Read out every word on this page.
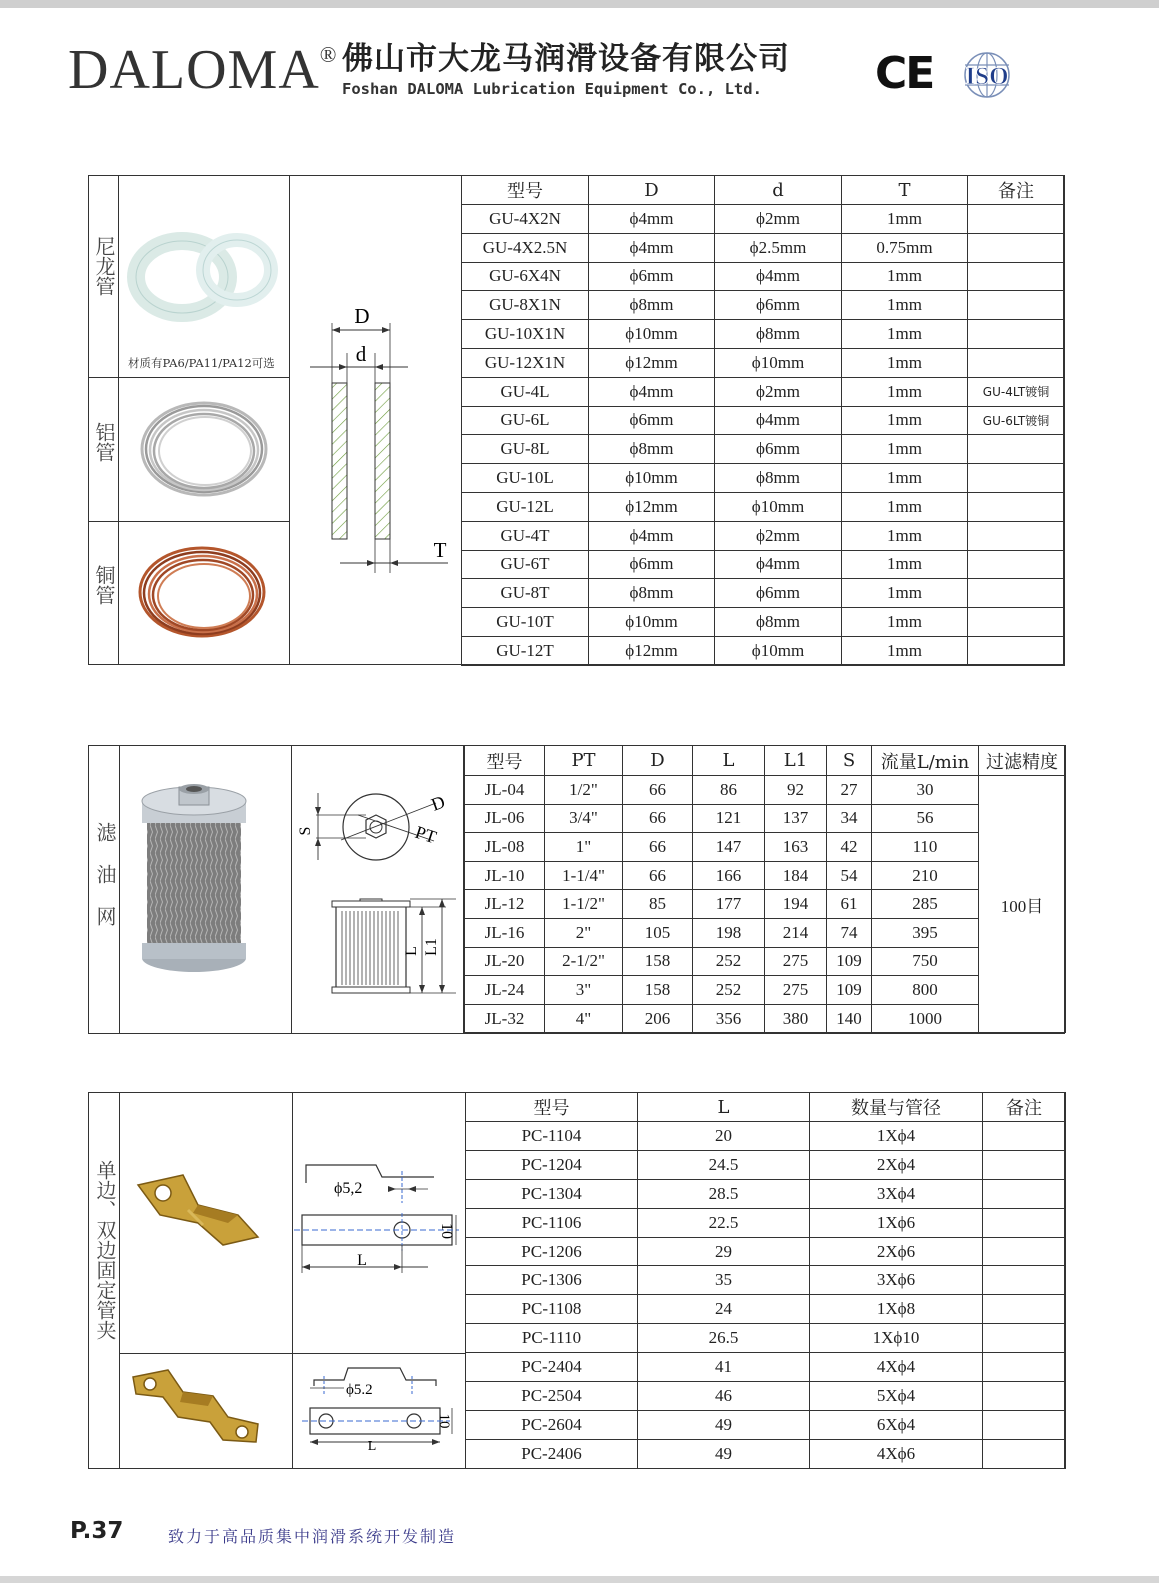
DALOMA® 佛山市大龙马润滑设备有限公司
Foshan DALOMA Lubrication Equipment Co., Ltd.	CE ISO
尼龙管
铝管
铜管
材质有PA6/PA11/PA12可选
D
d
T
型号	D	d	T	备注
GU-4X2N	ϕ4mm	ϕ2mm	1mm	
GU-4X2.5N	ϕ4mm	ϕ2.5mm	0.75mm	
GU-6X4N	ϕ6mm	ϕ4mm	1mm	
GU-8X1N	ϕ8mm	ϕ6mm	1mm	
GU-10X1N	ϕ10mm	ϕ8mm	1mm	
GU-12X1N	ϕ12mm	ϕ10mm	1mm	
GU-4L	ϕ4mm	ϕ2mm	1mm	GU-4LT镀铜
GU-6L	ϕ6mm	ϕ4mm	1mm	GU-6LT镀铜
GU-8L	ϕ8mm	ϕ6mm	1mm	
GU-10L	ϕ10mm	ϕ8mm	1mm	
GU-12L	ϕ12mm	ϕ10mm	1mm	
GU-4T	ϕ4mm	ϕ2mm	1mm	
GU-6T	ϕ6mm	ϕ4mm	1mm	
GU-8T	ϕ8mm	ϕ6mm	1mm	
GU-10T	ϕ10mm	ϕ8mm	1mm	
GU-12T	ϕ12mm	ϕ10mm	1mm	
滤油网
D
PT
S
L L1
型号	PT	D	L	L1	S	流量L/min	过滤精度
JL-04	1/2"	66	86	92	27	30	100目
JL-06	3/4"	66	121	137	34	56	
JL-08	1"	66	147	163	42	110	
JL-10	1-1/4"	66	166	184	54	210	
JL-12	1-1/2"	85	177	194	61	285	
JL-16	2"	105	198	214	74	395	
JL-20	2-1/2"	158	252	275	109	750	
JL-24	3"	158	252	275	109	800	
JL-32	4"	206	356	380	140	1000	
单边、双边固定管夹	ϕ5,2
10
L
ϕ5.2
10
L
型号	L	数量与管径	备注
PC-1104	20	1Xϕ4	
PC-1204	24.5	2Xϕ4	
PC-1304	28.5	3Xϕ4	
PC-1106	22.5	1Xϕ6	
PC-1206	29	2Xϕ6	
PC-1306	35	3Xϕ6	
PC-1108	24	1Xϕ8	
PC-1110	26.5	1Xϕ10	
PC-2404	41	4Xϕ4	
PC-2504	46	5Xϕ4	
PC-2604	49	6Xϕ4	
PC-2406	49	4Xϕ6	
P.37	致力于高品质集中润滑系统开发制造
